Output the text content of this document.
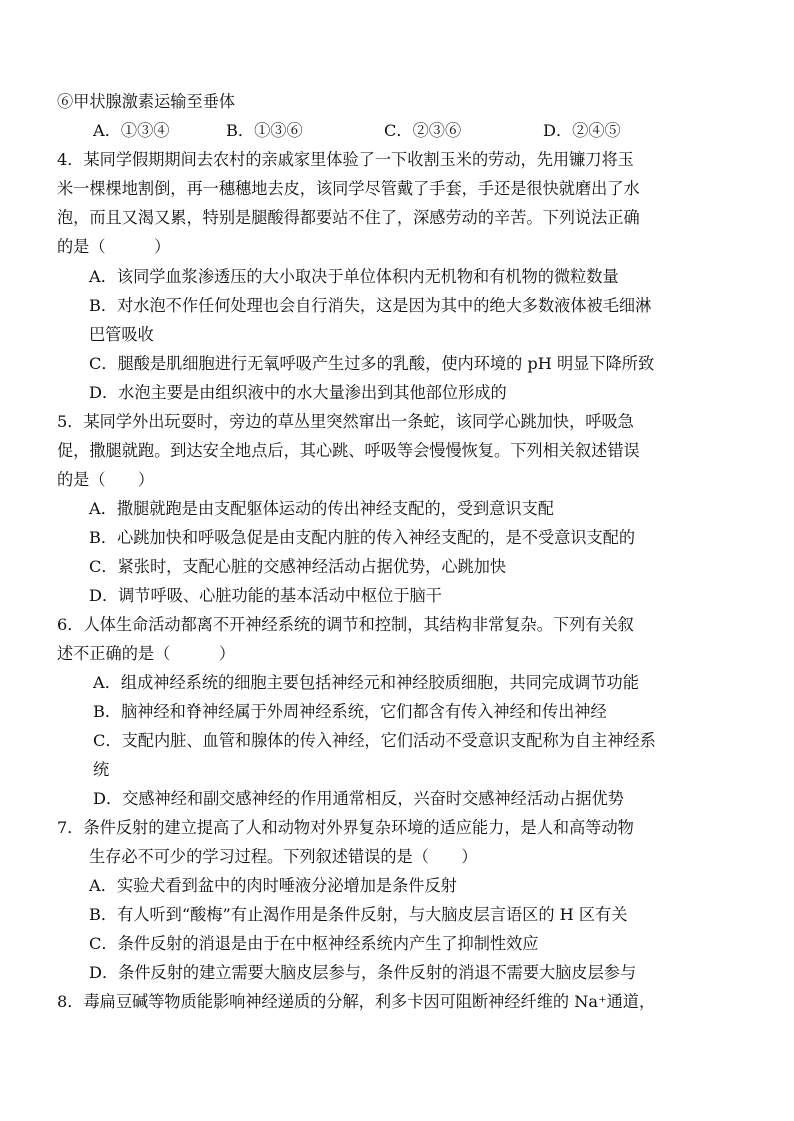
⑥甲状腺激素运输至垂体
A．①③④	B．①③⑥	C．②③⑥	D．②④⑤
4．某同学假期期间去农村的亲戚家里体验了一下收割玉米的劳动，先用镰刀将玉
米一棵棵地割倒，再一穗穗地去皮，该同学尽管戴了手套，手还是很快就磨出了水
泡，而且又渴又累，特别是腿酸得都要站不住了，深感劳动的辛苦。下列说法正确
的是（　　　）
A．该同学血浆渗透压的大小取决于单位体积内无机物和有机物的微粒数量
B．对水泡不作任何处理也会自行消失，这是因为其中的绝大多数液体被毛细淋
巴管吸收
C．腿酸是肌细胞进行无氧呼吸产生过多的乳酸，使内环境的 pH 明显下降所致
D．水泡主要是由组织液中的水大量渗出到其他部位形成的
5．某同学外出玩耍时，旁边的草丛里突然窜出一条蛇，该同学心跳加快，呼吸急
促，撒腿就跑。到达安全地点后，其心跳、呼吸等会慢慢恢复。下列相关叙述错误
的是（　　）
A．撒腿就跑是由支配躯体运动的传出神经支配的，受到意识支配
B．心跳加快和呼吸急促是由支配内脏的传入神经支配的，是不受意识支配的
C．紧张时，支配心脏的交感神经活动占据优势，心跳加快
D．调节呼吸、心脏功能的基本活动中枢位于脑干
6．人体生命活动都离不开神经系统的调节和控制，其结构非常复杂。下列有关叙
述不正确的是（　　　）
A．组成神经系统的细胞主要包括神经元和神经胶质细胞，共同完成调节功能
B．脑神经和脊神经属于外周神经系统，它们都含有传入神经和传出神经
C．支配内脏、血管和腺体的传入神经，它们活动不受意识支配称为自主神经系
统
D．交感神经和副交感神经的作用通常相反，兴奋时交感神经活动占据优势
7．条件反射的建立提高了人和动物对外界复杂环境的适应能力，是人和高等动物
生存必不可少的学习过程。下列叙述错误的是（　　）
A．实验犬看到盆中的肉时唾液分泌增加是条件反射
B．有人听到“酸梅”有止渴作用是条件反射，与大脑皮层言语区的 H 区有关
C．条件反射的消退是由于在中枢神经系统内产生了抑制性效应
D．条件反射的建立需要大脑皮层参与，条件反射的消退不需要大脑皮层参与
8．毒扁豆碱等物质能影响神经递质的分解，利多卡因可阻断神经纤维的 Na⁺通道，
